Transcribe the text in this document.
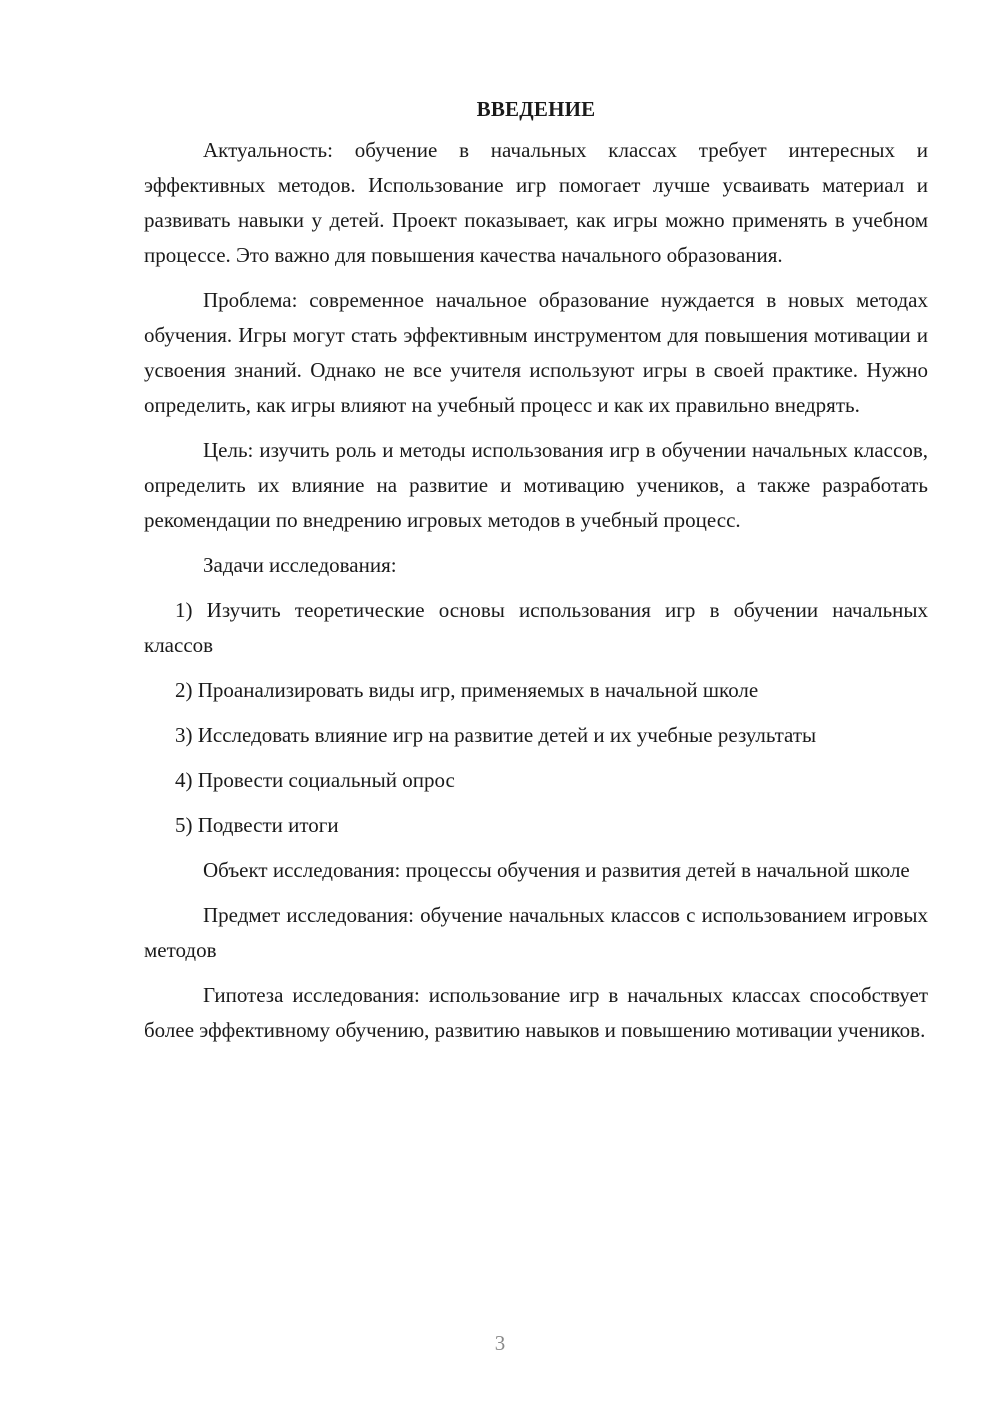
ВВЕДЕНИЕ

Актуальность: обучение в начальных классах требует интересных и эффективных методов. Использование игр помогает лучше усваивать материал и развивать навыки у детей. Проект показывает, как игры можно применять в учебном процессе. Это важно для повышения качества начального образования.

Проблема: современное начальное образование нуждается в новых методах обучения. Игры могут стать эффективным инструментом для повышения мотивации и усвоения знаний. Однако не все учителя используют игры в своей практике. Нужно определить, как игры влияют на учебный процесс и как их правильно внедрять.

Цель: изучить роль и методы использования игр в обучении начальных классов, определить их влияние на развитие и мотивацию учеников, а также разработать рекомендации по внедрению игровых методов в учебный процесс.

Задачи исследования:

1) Изучить теоретические основы использования игр в обучении начальных классов

2) Проанализировать виды игр, применяемых в начальной школе

3) Исследовать влияние игр на развитие детей и их учебные результаты

4) Провести социальный опрос

5) Подвести итоги

Объект исследования: процессы обучения и развития детей в начальной школе

Предмет исследования: обучение начальных классов с использованием игровых методов

Гипотеза исследования: использование игр в начальных классах способствует более эффективному обучению, развитию навыков и повышению мотивации учеников.

3
